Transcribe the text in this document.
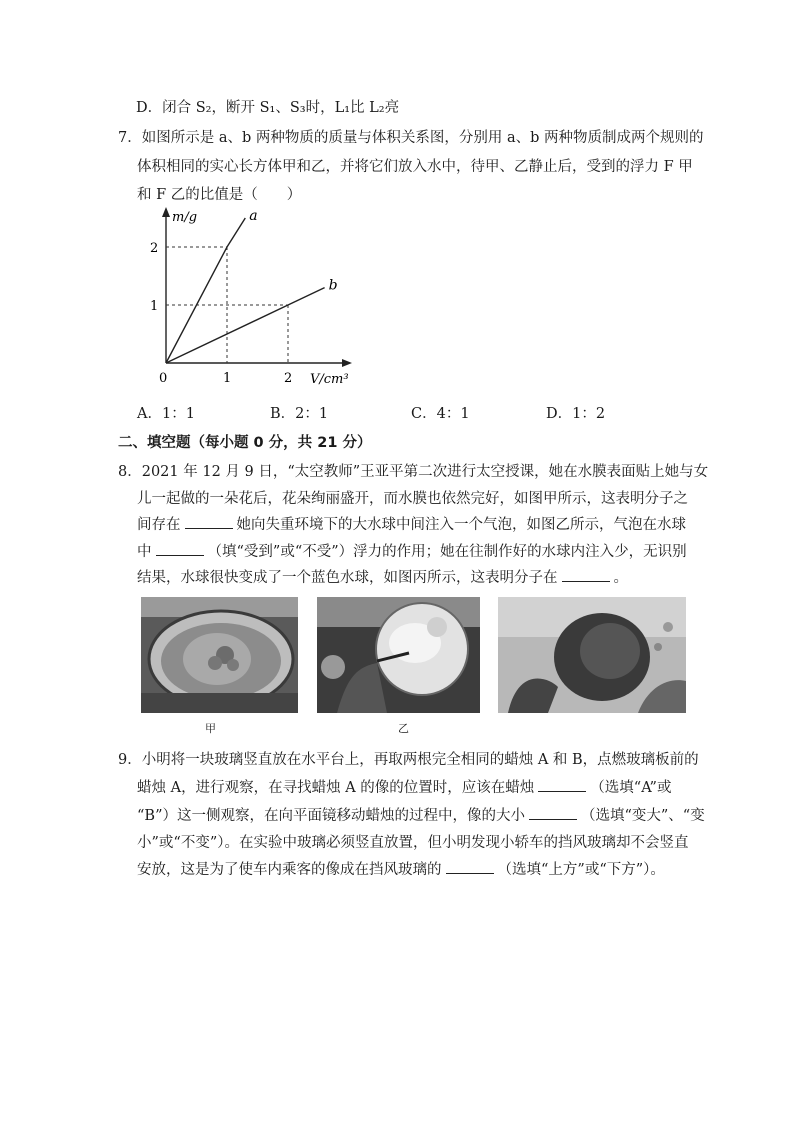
D．闭合 S₂，断开 S₁、S₃时，L₁比 L₂亮
7．如图所示是 a、b 两种物质的质量与体积关系图，分别用 a、b 两种物质制成两个规则的
体积相同的实心长方体甲和乙，并将它们放入水中，待甲、乙静止后，受到的浮力 F 甲
和 F 乙的比值是（　　）
a
b
m/g
V/cm³
0	1	2
1
2
A．1：1	B．2：1	C．4：1	D．1：2
二、填空题（每小题 0 分，共 21 分）
8．2021 年 12 月 9 日，“太空教师”王亚平第二次进行太空授课，她在水膜表面贴上她与女
儿一起做的一朵花后，花朵绚丽盛开，而水膜也依然完好，如图甲所示，这表明分子之
间存在	她向失重环境下的大水球中间注入一个气泡，如图乙所示，气泡在水球
中	（填“受到”或“不受”）浮力的作用；她在往制作好的水球内注入少，无识别
结果，水球很快变成了一个蓝色水球，如图丙所示，这表明分子在	。
甲	乙
9．小明将一块玻璃竖直放在水平台上，再取两根完全相同的蜡烛 A 和 B，点燃玻璃板前的
蜡烛 A，进行观察，在寻找蜡烛 A 的像的位置时，应该在蜡烛	（选填“A”或
“B”）这一侧观察，在向平面镜移动蜡烛的过程中，像的大小	（选填“变大”、“变
小”或“不变”）。在实验中玻璃必须竖直放置，但小明发现小轿车的挡风玻璃却不会竖直
安放，这是为了使车内乘客的像成在挡风玻璃的	（选填“上方”或“下方”）。
